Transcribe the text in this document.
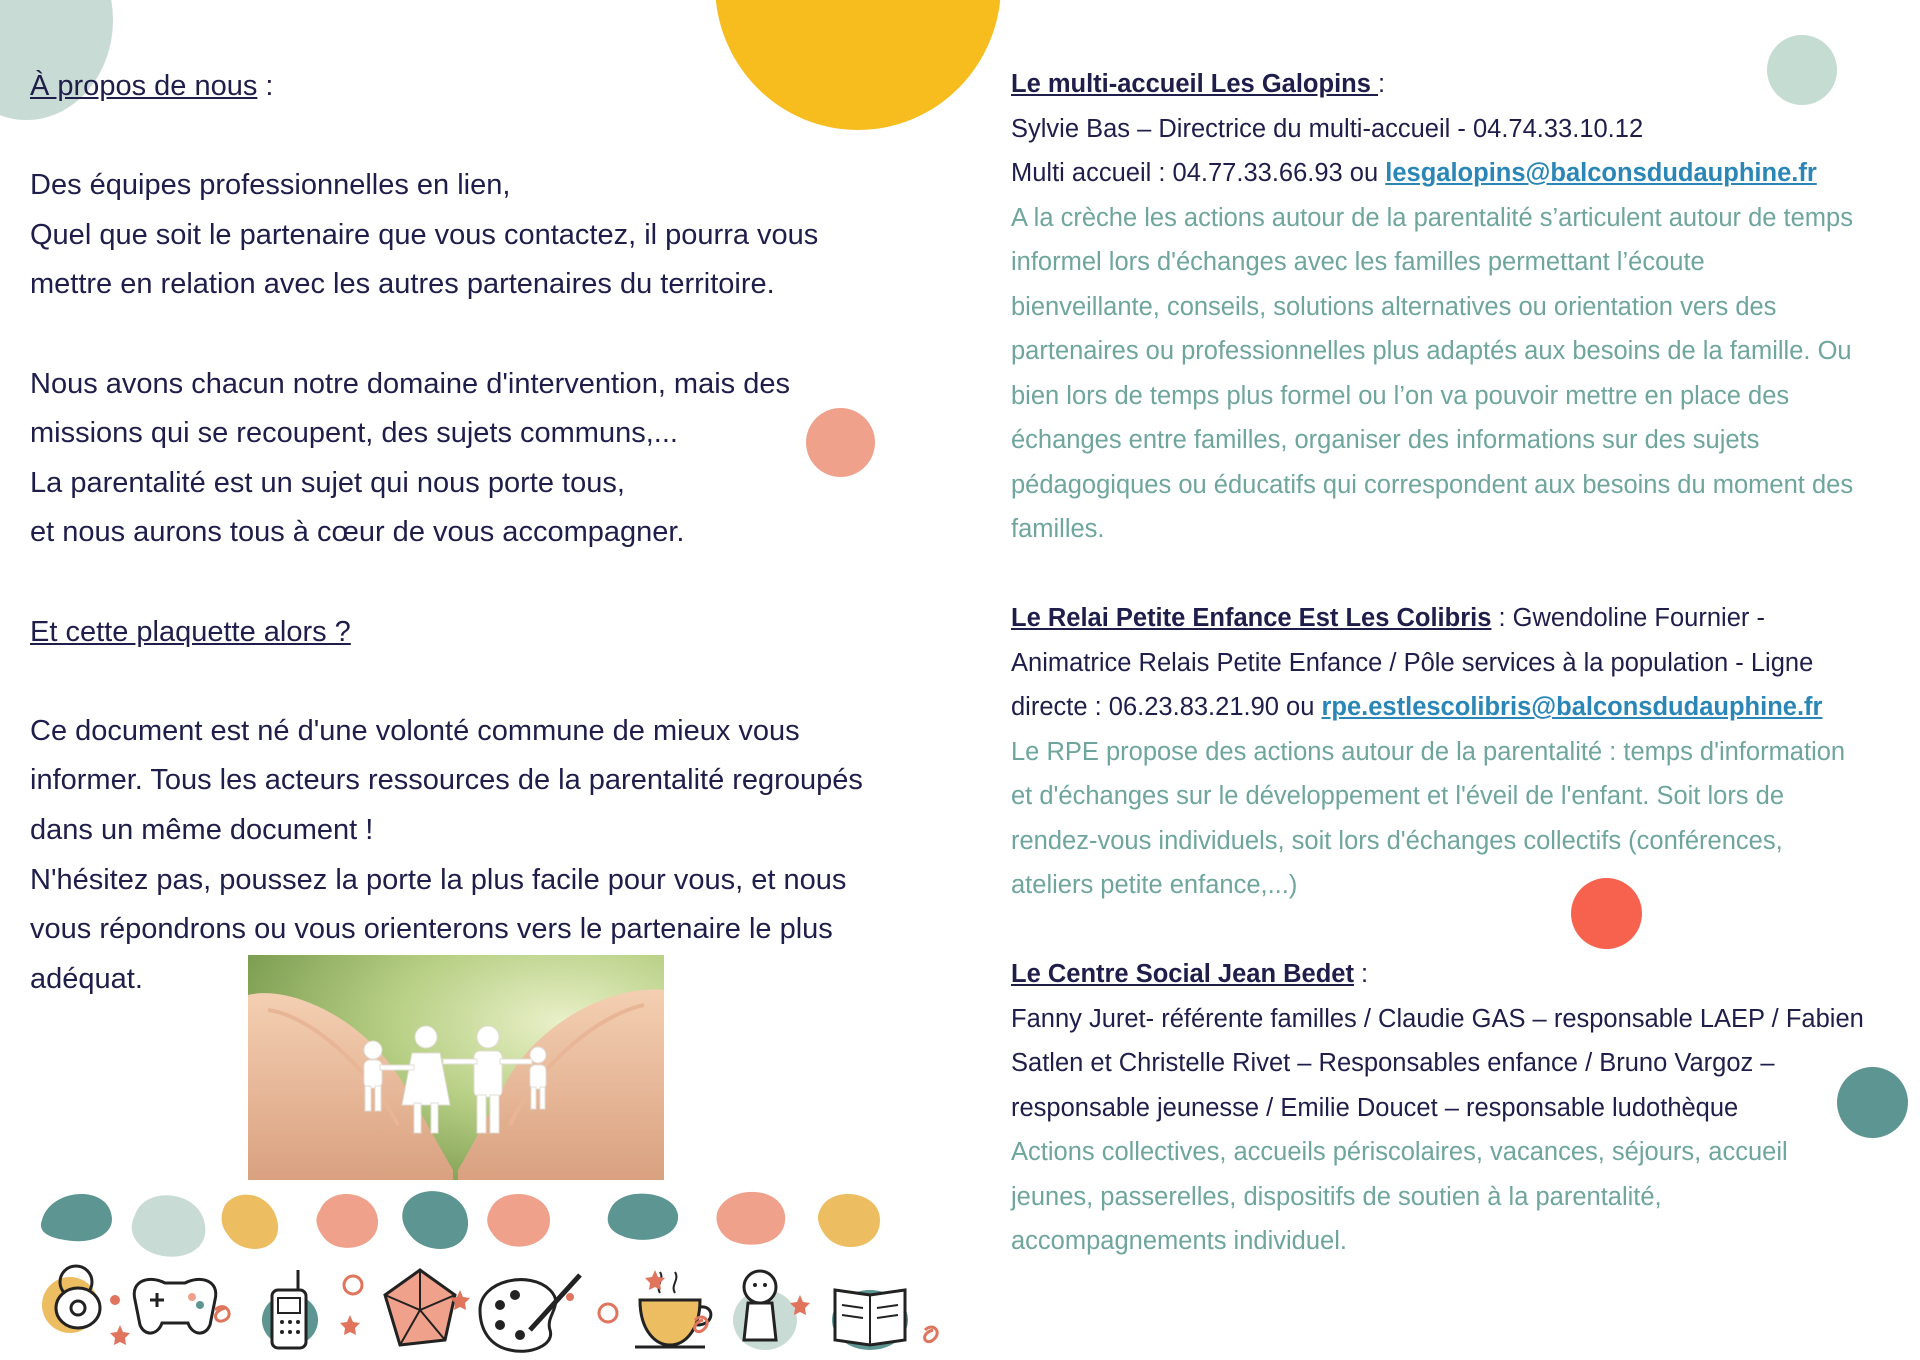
À propos de nous :

Des équipes professionnelles en lien,

Quel que soit le partenaire que vous contactez, il pourra vous

mettre en relation avec les autres partenaires du territoire.

Nous avons chacun notre domaine d'intervention, mais des

missions qui se recoupent, des sujets communs,...

La parentalité est un sujet qui nous porte tous,

et nous aurons tous à cœur de vous accompagner.

Et cette plaquette alors ?

Ce document est né d'une volonté commune de mieux vous

informer. Tous les acteurs ressources de la parentalité regroupés

dans un même document !

N'hésitez pas, poussez la porte la plus facile pour vous, et nous

vous répondrons ou vous orienterons vers le partenaire le plus

adéquat.

Le multi-accueil Les Galopins :

Sylvie Bas – Directrice du multi-accueil - 04.74.33.10.12

Multi accueil : 04.77.33.66.93 ou lesgalopins@balconsdudauphine.fr

A la crèche les actions autour de la parentalité s’articulent autour de temps

informel lors d'échanges avec les familles permettant l’écoute

bienveillante, conseils, solutions alternatives ou orientation vers des

partenaires ou professionnelles plus adaptés aux besoins de la famille. Ou

bien lors de temps plus formel ou l’on va pouvoir mettre en place des

échanges entre familles, organiser des informations sur des sujets

pédagogiques ou éducatifs qui correspondent aux besoins du moment des

familles.

Le Relai Petite Enfance Est Les Colibris : Gwendoline Fournier -

Animatrice Relais Petite Enfance / Pôle services à la population - Ligne

directe : 06.23.83.21.90 ou rpe.estlescolibris@balconsdudauphine.fr

Le RPE propose des actions autour de la parentalité : temps d'information

et d'échanges sur le développement et l'éveil de l'enfant. Soit lors de

rendez-vous individuels, soit lors d'échanges collectifs (conférences,

ateliers petite enfance,...)

Le Centre Social Jean Bedet :

Fanny Juret- référente familles / Claudie GAS – responsable LAEP / Fabien

Satlen et Christelle Rivet – Responsables enfance / Bruno Vargoz –

responsable jeunesse / Emilie Doucet – responsable ludothèque

Actions collectives, accueils périscolaires, vacances, séjours, accueil

jeunes, passerelles, dispositifs de soutien à la parentalité,

accompagnements individuel.
